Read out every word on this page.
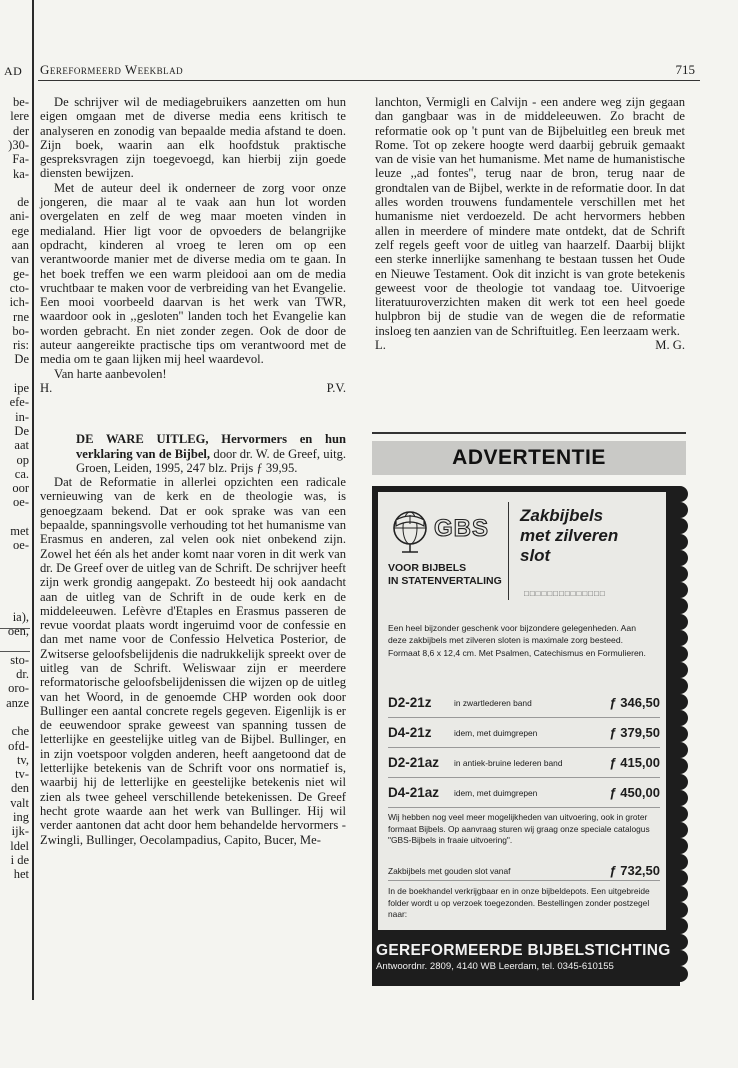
AD
be-
lere
der
)30-
Fa-
ka-
de
ani-
ege
aan
van
ge-
cto-
ich-
rne
bo-
ris:
De
ipe
efe-
in-
De
aat
op
ca.
oor
oe-
met
oe-
ia),
oen,
sto-
dr.
oro-
anze
che
ofd-
tv,
tv-
den
valt
ing
ijk-
ldel
i de
het
Gereformeerd Weekblad	715

De schrijver wil de mediagebruikers aanzetten om hun eigen omgaan met de diverse media eens kritisch te analyseren en zonodig van bepaalde media afstand te doen. Zijn boek, waarin aan elk hoofdstuk praktische gespreksvragen zijn toegevoegd, kan hierbij zijn goede diensten bewijzen.

Met de auteur deel ik onderneer de zorg voor onze jongeren, die maar al te vaak aan hun lot worden overgelaten en zelf de weg maar moeten vinden in medialand. Hier ligt voor de opvoeders de belangrijke opdracht, kinderen al vroeg te leren om op een verantwoorde manier met de diverse media om te gaan. In het boek treffen we een warm pleidooi aan om de media vruchtbaar te maken voor de verbreiding van het Evangelie. Een mooi voorbeeld daarvan is het werk van TWR, waardoor ook in ,,gesloten'' landen toch het Evangelie kan worden gebracht. En niet zonder zegen. Ook de door de auteur aangereikte practische tips om verantwoord met de media om te gaan lijken mij heel waardevol.

Van harte aanbevolen!

H.	P.V.

DE WARE UITLEG, Hervormers en hun verklaring van de Bijbel, door dr. W. de Greef, uitg. Groen, Leiden, 1995, 247 blz. Prijs ƒ 39,95.

Dat de Reformatie in allerlei opzichten een radicale vernieuwing van de kerk en de theologie was, is genoegzaam bekend. Dat er ook sprake was van een bepaalde, spanningsvolle verhouding tot het humanisme van Erasmus en anderen, zal velen ook niet onbekend zijn. Zowel het één als het ander komt naar voren in dit werk van dr. De Greef over de uitleg van de Schrift. De schrijver heeft zijn werk grondig aangepakt. Zo besteedt hij ook aandacht aan de uitleg van de Schrift in de oude kerk en de middeleeuwen. Lefèvre d'Etaples en Erasmus passeren de revue voordat plaats wordt ingeruimd voor de confessie en dan met name voor de Confessio Helvetica Posterior, de Zwitserse geloofsbelijdenis die nadrukkelijk spreekt over de uitleg van de Schrift. Weliswaar zijn er meerdere reformatorische geloofsbelijdenissen die wijzen op de uitleg van het Woord, in de genoemde CHP worden ook door Bullinger een aantal concrete regels gegeven. Eigenlijk is er de eeuwendoor sprake geweest van spanning tussen de letterlijke en geestelijke uitleg van de Bijbel. Bullinger, en in zijn voetspoor volgden anderen, heeft aangetoond dat de letterlijke betekenis van de Schrift voor ons normatief is, waarbij hij de letterlijke en geestelijke betekenis niet wil zien als twee geheel verschillende betekenissen. De Greef hecht grote waarde aan het werk van Bullinger. Hij wil verder aantonen dat acht door hem behandelde hervormers - Zwingli, Bullinger, Oecolampadius, Capito, Bucer, Me-

lanchton, Vermigli en Calvijn - een andere weg zijn gegaan dan gangbaar was in de middeleeuwen. Zo bracht de reformatie ook op 't punt van de Bijbeluitleg een breuk met Rome. Tot op zekere hoogte werd daarbij gebruik gemaakt van de visie van het humanisme. Met name de humanistische leuze ,,ad fontes'', terug naar de bron, terug naar de grondtalen van de Bijbel, werkte in de reformatie door. In dat alles worden trouwens fundamentele verschillen met het humanisme niet verdoezeld. De acht hervormers hebben allen in meerdere of mindere mate ontdekt, dat de Schrift zelf regels geeft voor de uitleg van haarzelf. Daarbij blijkt een sterke innerlijke samenhang te bestaan tussen het Oude en Nieuwe Testament. Ook dit inzicht is van grote betekenis geweest voor de theologie tot vandaag toe. Uitvoerige literatuuroverzichten maken dit werk tot een heel goede hulpbron bij de studie van de wegen die de reformatie insloeg ten aanzien van de Schriftuitleg. Een leerzaam werk.

L.	M. G.

ADVERTENTIE
GBS
VOOR BIJBELS
IN STATENVERTALING
Zakbijbels
met zilveren
slot
□□□□□□□□□□□□□□
Een heel bijzonder geschenk voor bijzondere gelegenheden. Aan deze zakbijbels met zilveren sloten is maximale zorg besteed. Formaat 8,6 x 12,4 cm. Met Psalmen, Catechismus en Formulieren.
D2-21z	in zwartlederen band	ƒ 346,50
D4-21z	idem, met duimgrepen	ƒ 379,50
D2-21az in antiek-bruine lederen band	ƒ 415,00
D4-21az idem, met duimgrepen	ƒ 450,00
Wij hebben nog veel meer mogelijkheden van uitvoering, ook in groter formaat Bijbels. Op aanvraag sturen wij graag onze speciale catalogus "GBS-Bijbels in fraaie uitvoering".
Zakbijbels met gouden slot vanaf	ƒ 732,50
In de boekhandel verkrijgbaar en in onze bijbeldepots. Een uitgebreide folder wordt u op verzoek toegezonden. Bestellingen zonder postzegel naar:
GEREFORMEERDE BIJBELSTICHTING
Antwoordnr. 2809, 4140 WB Leerdam, tel. 0345-610155
